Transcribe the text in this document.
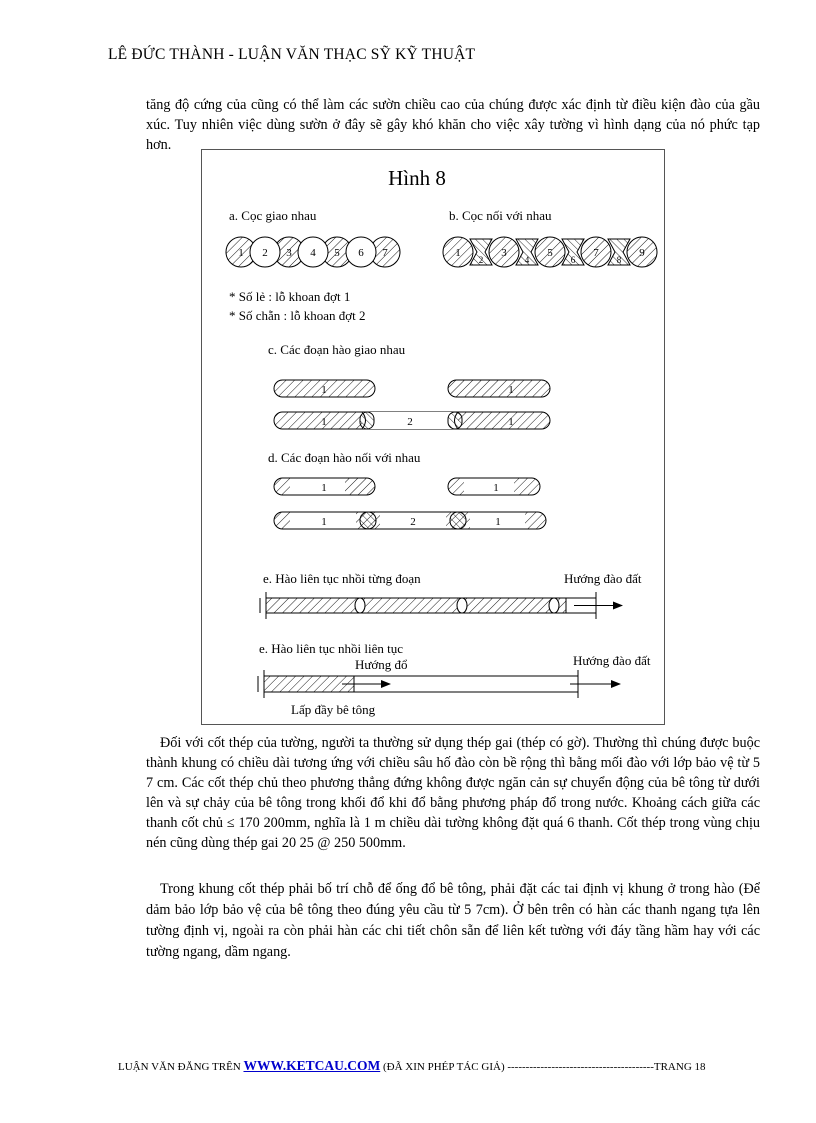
LÊ ĐỨC THÀNH - LUẬN VĂN THẠC SỸ KỸ THUẬT

tăng độ cứng của cũng có thể làm các sườn chiều cao của chúng được xác định từ điều kiện đào của gầu xúc. Tuy nhiên việc dùng sườn ở đây sẽ gây khó khăn cho việc xây tường vì hình dạng của nó phức tạp hơn.

Hình 8
a. Cọc giao nhau
1 2 3 4 5 6 7
b. Cọc nối với nhau
1
2
3
4
5
6
7
8
9
* Số lẻ : lỗ khoan đợt 1
* Số chẵn : lỗ khoan đợt 2
c. Các đoạn hào giao nhau
1	1
1	2	1
d. Các đoạn hào nối với nhau
1	1
1	2	1
e. Hào liên tục nhồi từng đoạn	Hướng đào đất
e. Hào liên tục nhồi liên tục
Hướng đổ	Hướng đào đất
Lấp đầy bê tông

Đối với cốt thép của tường, người ta thường sử dụng thép gai (thép có gờ). Thường thì chúng được buộc thành khung có chiều dài tương ứng với chiều sâu hố đào còn bề rộng thì bằng mối đào với lớp bảo vệ từ 5 7 cm. Các cốt thép chủ theo phương thẳng đứng không được ngăn cản sự chuyển động của bê tông từ dưới lên và sự chảy của bê tông trong khối đổ khi đổ bằng phương pháp đổ trong nước. Khoảng cách giữa các thanh cốt chủ ≤ 170 200mm, nghĩa là 1 m chiều dài tường không đặt quá 6 thanh. Cốt thép trong vùng chịu nén cũng dùng thép gai 20 25 @ 250 500mm.

Trong khung cốt thép phải bố trí chỗ để ống đổ bê tông, phải đặt các tai định vị khung ở trong hào (Để dảm bảo lớp bảo vệ của bê tông theo đúng yêu cầu từ 5 7cm). Ở bên trên có hàn các thanh ngang tựa lên tường định vị, ngoài ra còn phải hàn các chi tiết chôn sẵn để liên kết tường với đáy tầng hầm hay với các tường ngang, dầm ngang.

LUẬN VĂN ĐĂNG TRÊN WWW.KETCAU.COM (ĐÃ XIN PHÉP TÁC GIẢ) ----------------------------------------TRANG 18
